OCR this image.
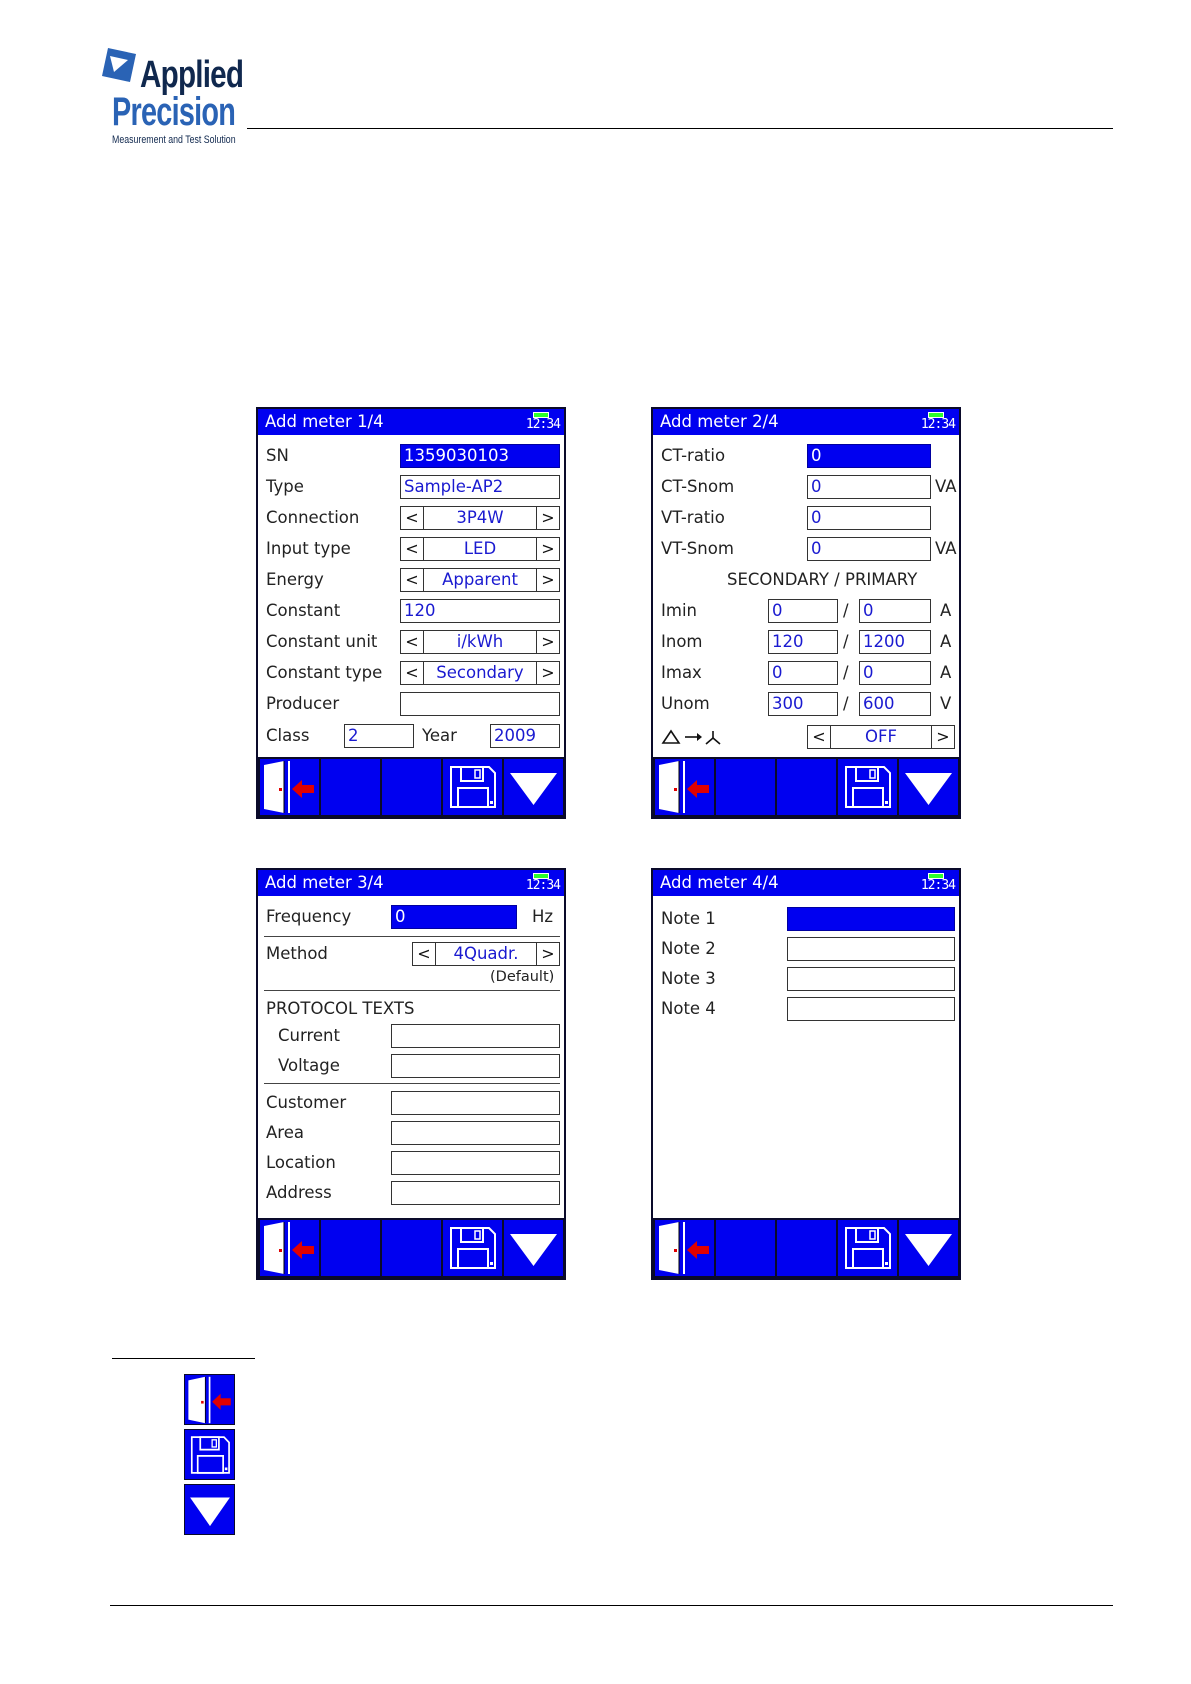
Applied
Precision
Measurement and Test Solution
Add meter 1/4	12:34
SN	1359030103
Type	Sample-AP2
Connection	<	3P4W	>
Input type	<	LED	>
Energy	<	Apparent	>
Constant	120
Constant unit <	i/kWh	>
Constant type <	Secondary	>
Producer
Class 2	Year 2009
Add meter 2/4	12:34
CT-ratio	0
CT-Snom	0	VA
VT-ratio	0
VT-Snom	0	VA
SECONDARY / PRIMARY
Imin	0	/ 0	A
Inom	120	/ 1200	A
Imax	0	/ 0	A
Unom	300	/ 600	V
<	OFF	>
Add meter 3/4	12:34
Frequency	0	Hz
Method	<	4Quadr.	>
(Default)
PROTOCOL TEXTS
Current
Voltage
Customer
Area
Location
Address
Add meter 4/4	12:34
Note 1
Note 2
Note 3
Note 4
